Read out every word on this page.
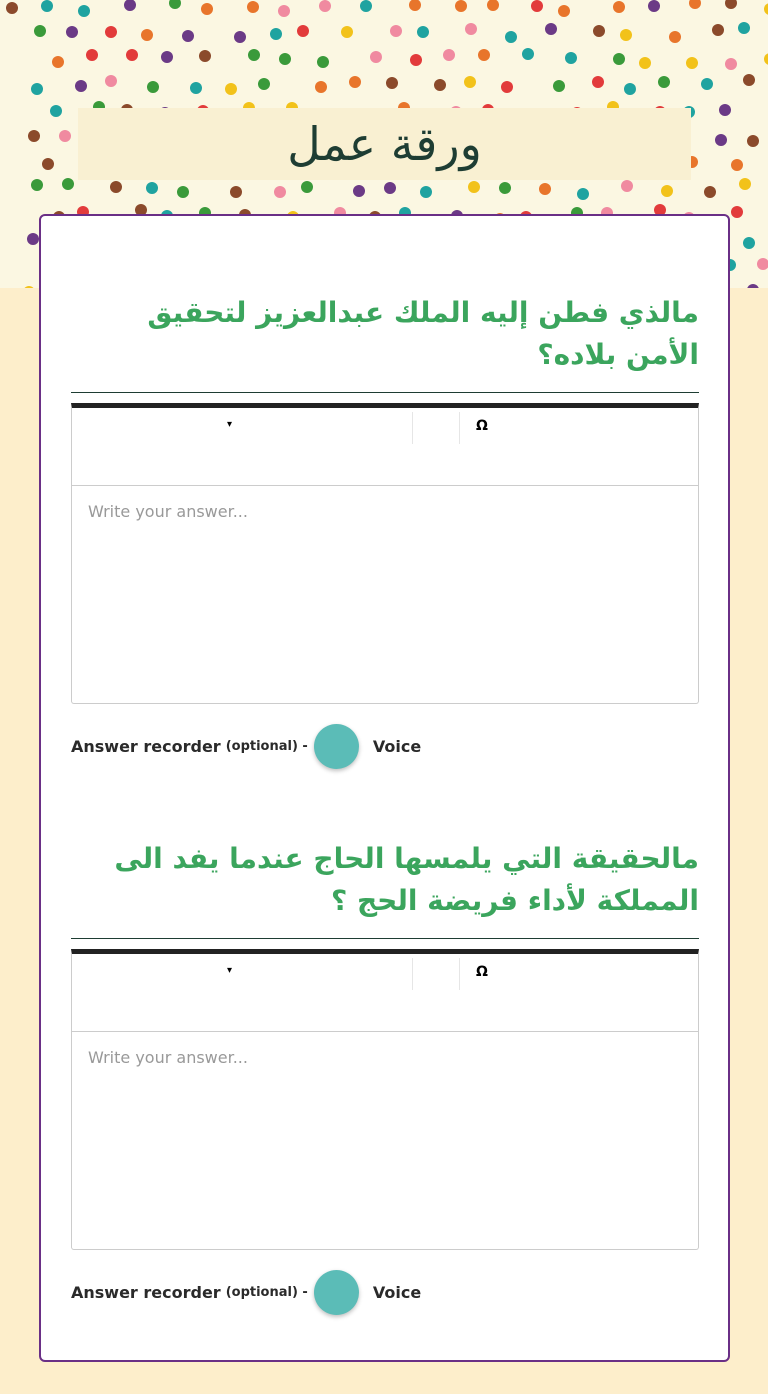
ورقة عمل

مالذي فطن إليه الملك عبدالعزيز لتحقيق الأمن بلاده؟

▾	Ω
Write your answer...
Answer recorder (optional) -	Voice

مالحقيقة التي يلمسها الحاج عندما يفد الى المملكة لأداء فريضة الحج ؟

▾	Ω
Write your answer...
Answer recorder (optional) -	Voice
